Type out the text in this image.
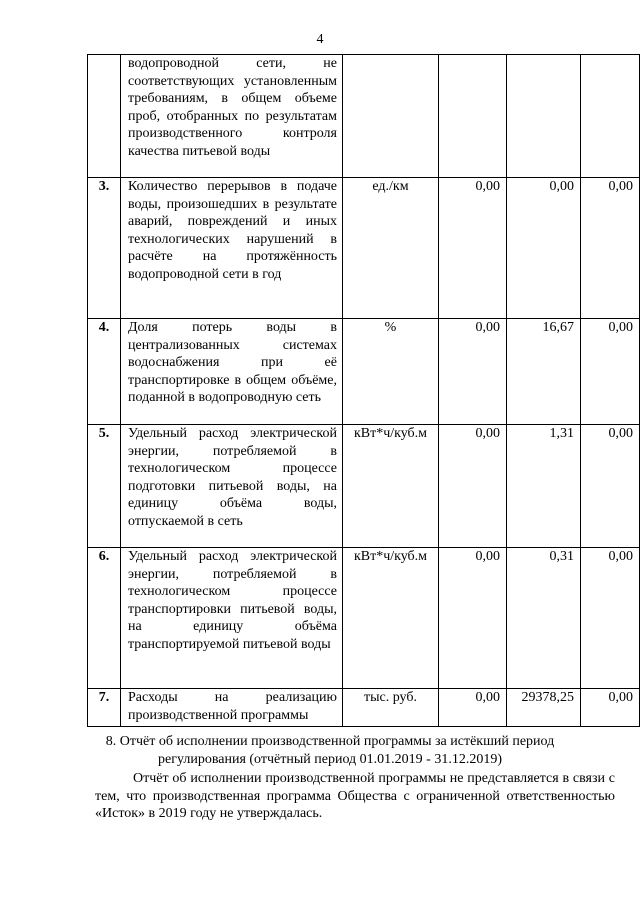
4

	водопроводной сети, не соответствующих установленным требованиям, в общем объеме проб, отобранных по результатам производственного контроля качества питьевой воды				

3.	Количество перерывов в подаче воды, произошедших в результате аварий, повреждений и иных технологических нарушений в расчёте на протяжённость водопроводной сети в год	ед./км	0,00	0,00	0,00
4.	Доля потерь воды в централизованных системах водоснабжения при её транспортировке в общем объёме, поданной в водопроводную сеть	%	0,00	16,67	0,00
5.	Удельный расход электрической энергии, потребляемой в технологическом процессе подготовки питьевой воды, на единицу объёма воды, отпускаемой в сеть	кВт*ч/куб.м	0,00	1,31	0,00
6.	Удельный расход электрической энергии, потребляемой в технологическом процессе транспортировки питьевой воды, на единицу объёма транспортируемой питьевой воды	кВт*ч/куб.м	0,00	0,31	0,00
7.	Расходы на реализацию производственной программы	тыс. руб.	0,00	29378,25	0,00
8. Отчёт об исполнении производственной программы за истёкший период регулирования (отчётный период 01.01.2019 - 31.12.2019)
Отчёт об исполнении производственной программы не представляется в связи с тем, что производственная программа Общества с ограниченной ответственностью «Исток» в 2019 году не утверждалась.
